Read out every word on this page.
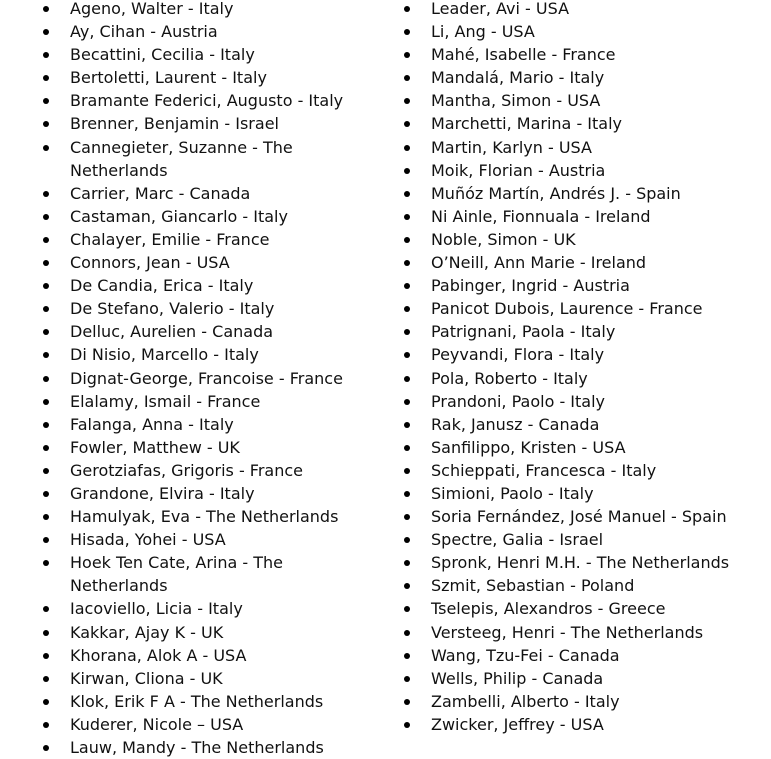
Ageno, Walter - Italy
Ay, Cihan - Austria
Becattini, Cecilia - Italy
Bertoletti, Laurent - Italy
Bramante Federici, Augusto - Italy
Brenner, Benjamin - Israel
Cannegieter, Suzanne - The Netherlands
Carrier, Marc - Canada
Castaman, Giancarlo - Italy
Chalayer, Emilie - France
Connors, Jean - USA
De Candia, Erica - Italy
De Stefano, Valerio - Italy
Delluc, Aurelien - Canada
Di Nisio, Marcello - Italy
Dignat-George, Francoise - France
Elalamy, Ismail - France
Falanga, Anna - Italy
Fowler, Matthew - UK
Gerotziafas, Grigoris - France
Grandone, Elvira - Italy
Hamulyak, Eva - The Netherlands
Hisada, Yohei - USA
Hoek Ten Cate, Arina - The Netherlands
Iacoviello, Licia - Italy
Kakkar, Ajay K - UK
Khorana, Alok A - USA
Kirwan, Cliona - UK
Klok, Erik F A - The Netherlands
Kuderer, Nicole – USA
Lauw, Mandy - The Netherlands
Leader, Avi - USA
Li, Ang - USA
Mahé, Isabelle - France
Mandalá, Mario - Italy
Mantha, Simon - USA
Marchetti, Marina - Italy
Martin, Karlyn - USA
Moik, Florian - Austria
Muñóz Martín, Andrés J. - Spain
Ni Ainle, Fionnuala - Ireland
Noble, Simon - UK
O’Neill, Ann Marie - Ireland
Pabinger, Ingrid - Austria
Panicot Dubois, Laurence - France
Patrignani, Paola - Italy
Peyvandi, Flora - Italy
Pola, Roberto - Italy
Prandoni, Paolo - Italy
Rak, Janusz - Canada
Sanfilippo, Kristen - USA
Schieppati, Francesca - Italy
Simioni, Paolo - Italy
Soria Fernández, José Manuel - Spain
Spectre, Galia - Israel
Spronk, Henri M.H. - The Netherlands
Szmit, Sebastian - Poland
Tselepis, Alexandros - Greece
Versteeg, Henri - The Netherlands
Wang, Tzu-Fei - Canada
Wells, Philip - Canada
Zambelli, Alberto - Italy
Zwicker, Jeffrey - USA
